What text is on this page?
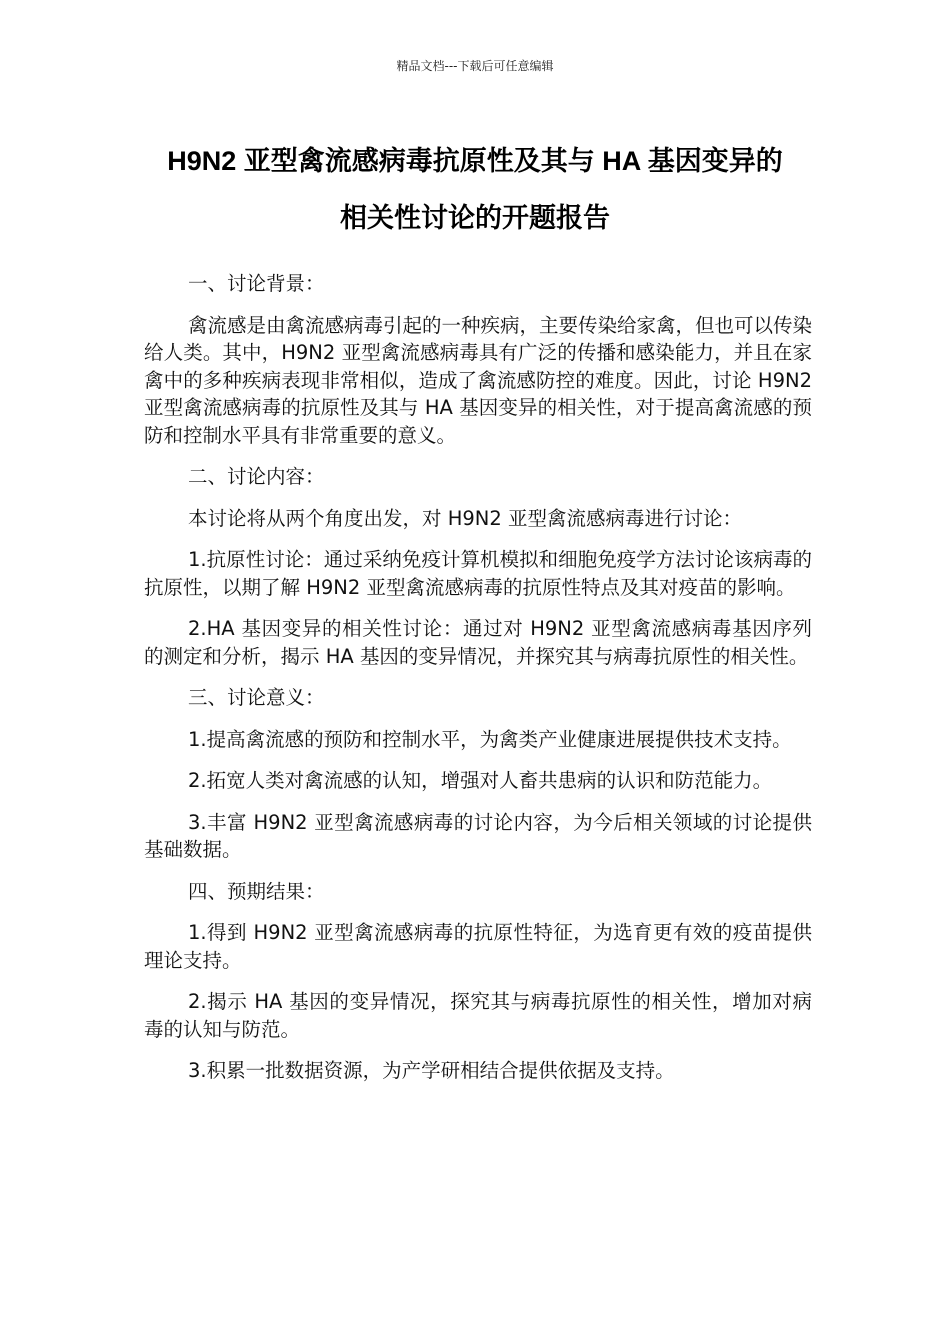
精品文档---下载后可任意编辑
H9N2 亚型禽流感病毒抗原性及其与 HA 基因变异的
相关性讨论的开题报告

一、讨论背景：

禽流感是由禽流感病毒引起的一种疾病，主要传染给家禽，但也可以传染给人类。其中，H9N2 亚型禽流感病毒具有广泛的传播和感染能力，并且在家禽中的多种疾病表现非常相似，造成了禽流感防控的难度。因此，讨论 H9N2 亚型禽流感病毒的抗原性及其与 HA 基因变异的相关性，对于提高禽流感的预防和控制水平具有非常重要的意义。

二、讨论内容：

本讨论将从两个角度出发，对 H9N2 亚型禽流感病毒进行讨论：

1.抗原性讨论：通过采纳免疫计算机模拟和细胞免疫学方法讨论该病毒的抗原性，以期了解 H9N2 亚型禽流感病毒的抗原性特点及其对疫苗的影响。

2.HA 基因变异的相关性讨论：通过对 H9N2 亚型禽流感病毒基因序列的测定和分析，揭示 HA 基因的变异情况，并探究其与病毒抗原性的相关性。

三、讨论意义：

1.提高禽流感的预防和控制水平，为禽类产业健康进展提供技术支持。

2.拓宽人类对禽流感的认知，增强对人畜共患病的认识和防范能力。

3.丰富 H9N2 亚型禽流感病毒的讨论内容，为今后相关领域的讨论提供基础数据。

四、预期结果：

1.得到 H9N2 亚型禽流感病毒的抗原性特征，为选育更有效的疫苗提供理论支持。

2.揭示 HA 基因的变异情况，探究其与病毒抗原性的相关性，增加对病毒的认知与防范。

3.积累一批数据资源，为产学研相结合提供依据及支持。
